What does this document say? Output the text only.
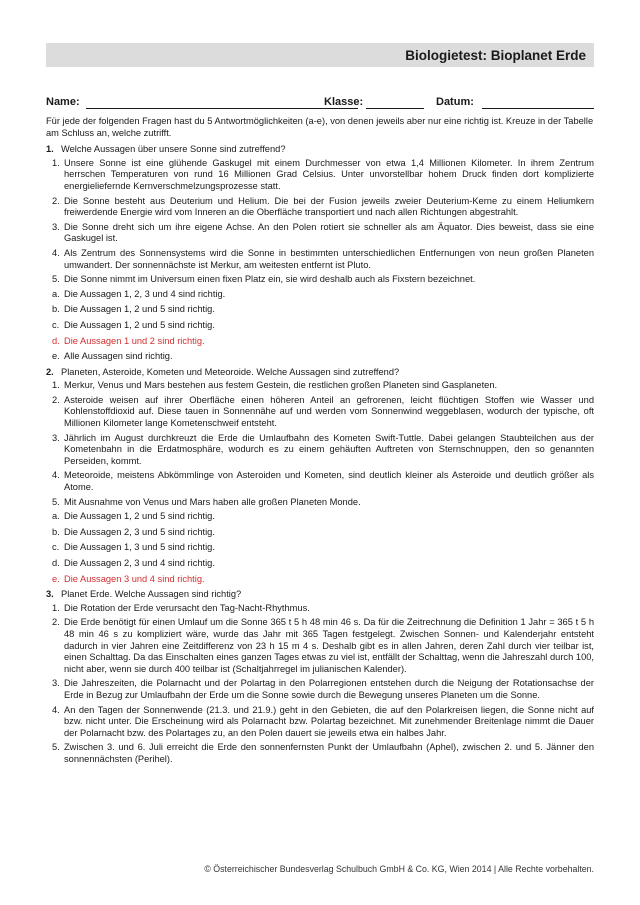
Biologietest: Bioplanet Erde
Name:	Klasse:	Datum:

Für jede der folgenden Fragen hast du 5 Antwortmöglichkeiten (a-e), von denen jeweils aber nur eine richtig ist. Kreuze in der Tabelle am Schluss an, welche zutrifft.

1. Welche Aussagen über unsere Sonne sind zutreffend?

1. Unsere Sonne ist eine glühende Gaskugel mit einem Durchmesser von etwa 1,4 Millionen Kilometer. In ihrem Zentrum herrschen Temperaturen von rund 16 Millionen Grad Celsius. Unter unvorstellbar hohem Druck finden dort komplizierte energieliefernde Kernverschmelzungsprozesse statt.
2. Die Sonne besteht aus Deuterium und Helium. Die bei der Fusion jeweils zweier Deuterium-Kerne zu einem Heliumkern freiwerdende Energie wird vom Inneren an die Oberfläche transportiert und nach allen Richtungen abgestrahlt.
3. Die Sonne dreht sich um ihre eigene Achse. An den Polen rotiert sie schneller als am Äquator. Dies beweist, dass sie eine Gaskugel ist.
4. Als Zentrum des Sonnensystems wird die Sonne in bestimmten unterschiedlichen Entfernungen von neun großen Planeten umwandert. Der sonnennächste ist Merkur, am weitesten entfernt ist Pluto.
5. Die Sonne nimmt im Universum einen fixen Platz ein, sie wird deshalb auch als Fixstern bezeichnet.
a. Die Aussagen 1, 2, 3 und 4 sind richtig.
b. Die Aussagen 1, 2 und 5 sind richtig.
c. Die Aussagen 1, 2 und 5 sind richtig.
d. Die Aussagen 1 und 2 sind richtig.
e. Alle Aussagen sind richtig.

2. Planeten, Asteroide, Kometen und Meteoroide. Welche Aussagen sind zutreffend?

1. Merkur, Venus und Mars bestehen aus festem Gestein, die restlichen großen Planeten sind Gasplaneten.
2. Asteroide weisen auf ihrer Oberfläche einen höheren Anteil an gefrorenen, leicht flüchtigen Stoffen wie Wasser und Kohlenstoffdioxid auf. Diese tauen in Sonnennähe auf und werden vom Sonnenwind weggeblasen, wodurch der typische, oft Millionen Kilometer lange Kometenschweif entsteht.
3. Jährlich im August durchkreuzt die Erde die Umlaufbahn des Kometen Swift-Tuttle. Dabei gelangen Staubteilchen aus der Kometenbahn in die Erdatmosphäre, wodurch es zu einem gehäuften Auftreten von Sternschnuppen, den so genannten Perseiden, kommt.
4. Meteoroide, meistens Abkömmlinge von Asteroiden und Kometen, sind deutlich kleiner als Asteroide und deutlich größer als Atome.
5. Mit Ausnahme von Venus und Mars haben alle großen Planeten Monde.
a. Die Aussagen 1, 2 und 5 sind richtig.
b. Die Aussagen 2, 3 und 5 sind richtig.
c. Die Aussagen 1, 3 und 5 sind richtig.
d. Die Aussagen 2, 3 und 4 sind richtig.
e. Die Aussagen 3 und 4 sind richtig.

3. Planet Erde. Welche Aussagen sind richtig?

1. Die Rotation der Erde verursacht den Tag-Nacht-Rhythmus.
2. Die Erde benötigt für einen Umlauf um die Sonne 365 t 5 h 48 min 46 s. Da für die Zeitrechnung die Definition 1 Jahr = 365 t 5 h 48 min 46 s zu kompliziert wäre, wurde das Jahr mit 365 Tagen festgelegt. Zwischen Sonnen- und Kalenderjahr entsteht dadurch in vier Jahren eine Zeitdifferenz von 23 h 15 m 4 s. Deshalb gibt es in allen Jahren, deren Zahl durch vier teilbar ist, einen Schalttag. Da das Einschalten eines ganzen Tages etwas zu viel ist, entfällt der Schalttag, wenn die Jahreszahl durch 100, nicht aber, wenn sie durch 400 teilbar ist (Schaltjahrregel im julianischen Kalender).
3. Die Jahreszeiten, die Polarnacht und der Polartag in den Polarregionen entstehen durch die Neigung der Rotationsachse der Erde in Bezug zur Umlaufbahn der Erde um die Sonne sowie durch die Bewegung unseres Planeten um die Sonne.
4. An den Tagen der Sonnenwende (21.3. und 21.9.) geht in den Gebieten, die auf den Polarkreisen liegen, die Sonne nicht auf bzw. nicht unter. Die Erscheinung wird als Polarnacht bzw. Polartag bezeichnet. Mit zunehmender Breitenlage nimmt die Dauer der Polarnacht bzw. des Polartages zu, an den Polen dauert sie jeweils etwa ein halbes Jahr.
5. Zwischen 3. und 6. Juli erreicht die Erde den sonnenfernsten Punkt der Umlaufbahn (Aphel), zwischen 2. und 5. Jänner den sonnennächsten (Perihel).
© Österreichischer Bundesverlag Schulbuch GmbH & Co. KG, Wien 2014 | Alle Rechte vorbehalten.
